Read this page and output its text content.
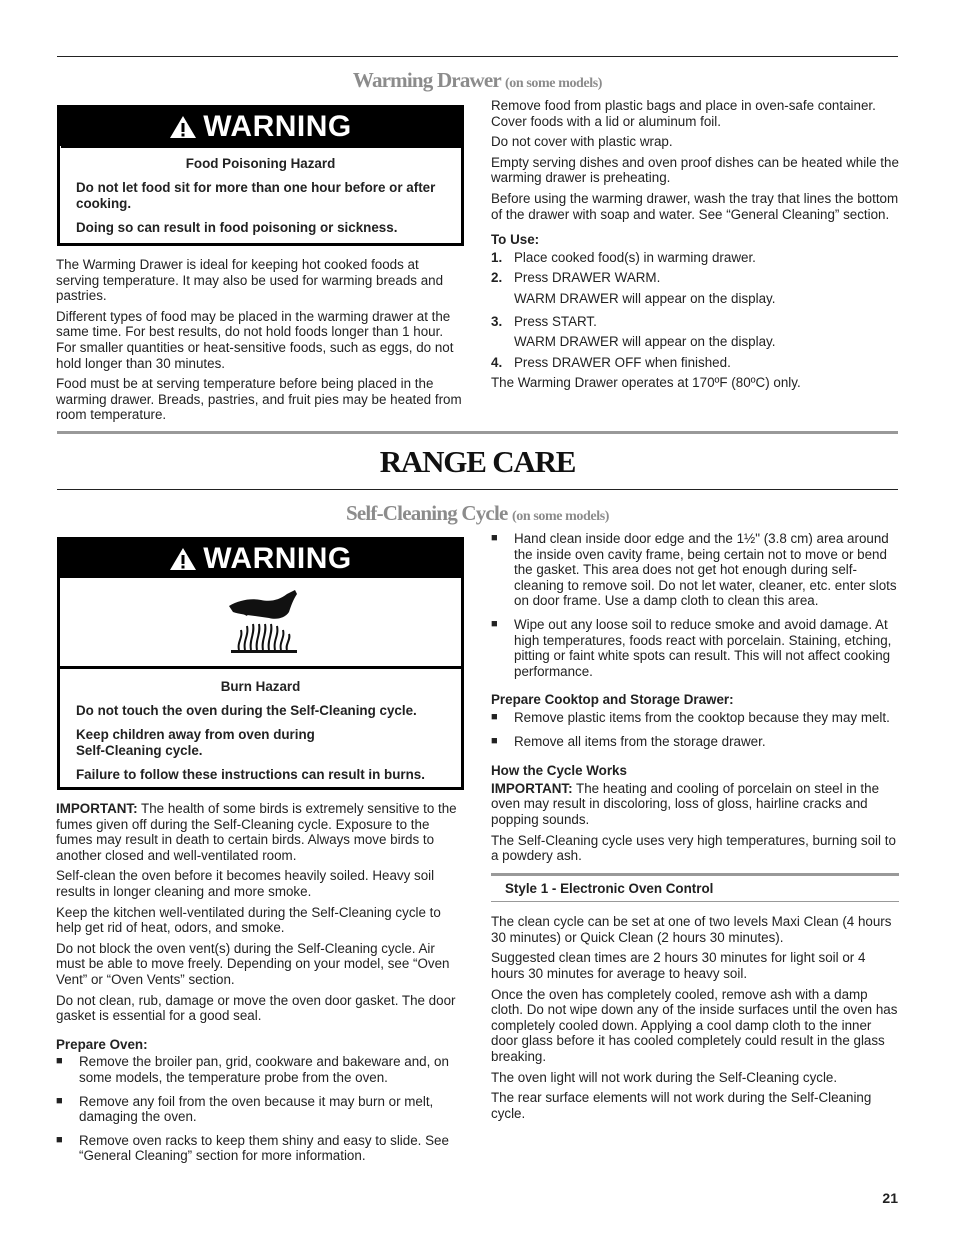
Warming Drawer (on some models)
WARNING

Food Poisoning Hazard

Do not let food sit for more than one hour before or after cooking.

Doing so can result in food poisoning or sickness.

The Warming Drawer is ideal for keeping hot cooked foods at serving temperature. It may also be used for warming breads and pastries.

Different types of food may be placed in the warming drawer at the same time. For best results, do not hold foods longer than 1 hour. For smaller quantities or heat-sensitive foods, such as eggs, do not hold longer than 30 minutes.

Food must be at serving temperature before being placed in the warming drawer. Breads, pastries, and fruit pies may be heated from room temperature.

Remove food from plastic bags and place in oven-safe container. Cover foods with a lid or aluminum foil.

Do not cover with plastic wrap.

Empty serving dishes and oven proof dishes can be heated while the warming drawer is preheating.

Before using the warming drawer, wash the tray that lines the bottom of the drawer with soap and water. See “General Cleaning” section.

To Use:
1. Place cooked food(s) in warming drawer.
2. Press DRAWER WARM.
WARM DRAWER will appear on the display.
3. Press START.
WARM DRAWER will appear on the display.
4. Press DRAWER OFF when finished.

The Warming Drawer operates at 170ºF (80ºC) only.

RANGE CARE
Self-Cleaning Cycle (on some models)
WARNING

Burn Hazard

Do not touch the oven during the Self-Cleaning cycle.

Keep children away from oven during
Self-Cleaning cycle.

Failure to follow these instructions can result in burns.

IMPORTANT: The health of some birds is extremely sensitive to the fumes given off during the Self-Cleaning cycle. Exposure to the fumes may result in death to certain birds. Always move birds to another closed and well-ventilated room.

Self-clean the oven before it becomes heavily soiled. Heavy soil results in longer cleaning and more smoke.

Keep the kitchen well-ventilated during the Self-Cleaning cycle to help get rid of heat, odors, and smoke.

Do not block the oven vent(s) during the Self-Cleaning cycle. Air must be able to move freely. Depending on your model, see “Oven Vent” or “Oven Vents” section.

Do not clean, rub, damage or move the oven door gasket. The door gasket is essential for a good seal.

Prepare Oven:
■	Remove the broiler pan, grid, cookware and bakeware and, on some models, the temperature probe from the oven.
■	Remove any foil from the oven because it may burn or melt, damaging the oven.
■	Remove oven racks to keep them shiny and easy to slide. See “General Cleaning” section for more information.
■	Hand clean inside door edge and the 1½" (3.8 cm) area around the inside oven cavity frame, being certain not to move or bend the gasket. This area does not get hot enough during self-cleaning to remove soil. Do not let water, cleaner, etc. enter slots on door frame. Use a damp cloth to clean this area.
■	Wipe out any loose soil to reduce smoke and avoid damage. At high temperatures, foods react with porcelain. Staining, etching, pitting or faint white spots can result. This will not affect cooking performance.
Prepare Cooktop and Storage Drawer:
■	Remove plastic items from the cooktop because they may melt.
■	Remove all items from the storage drawer.
How the Cycle Works

IMPORTANT: The heating and cooling of porcelain on steel in the oven may result in discoloring, loss of gloss, hairline cracks and popping sounds.

The Self-Cleaning cycle uses very high temperatures, burning soil to a powdery ash.

Style 1 - Electronic Oven Control

The clean cycle can be set at one of two levels Maxi Clean (4 hours 30 minutes) or Quick Clean (2 hours 30 minutes).

Suggested clean times are 2 hours 30 minutes for light soil or 4 hours 30 minutes for average to heavy soil.

Once the oven has completely cooled, remove ash with a damp cloth. Do not wipe down any of the inside surfaces until the oven has completely cooled down. Applying a cool damp cloth to the inner door glass before it has cooled completely could result in the glass breaking.

The oven light will not work during the Self-Cleaning cycle.

The rear surface elements will not work during the Self-Cleaning cycle.

21
